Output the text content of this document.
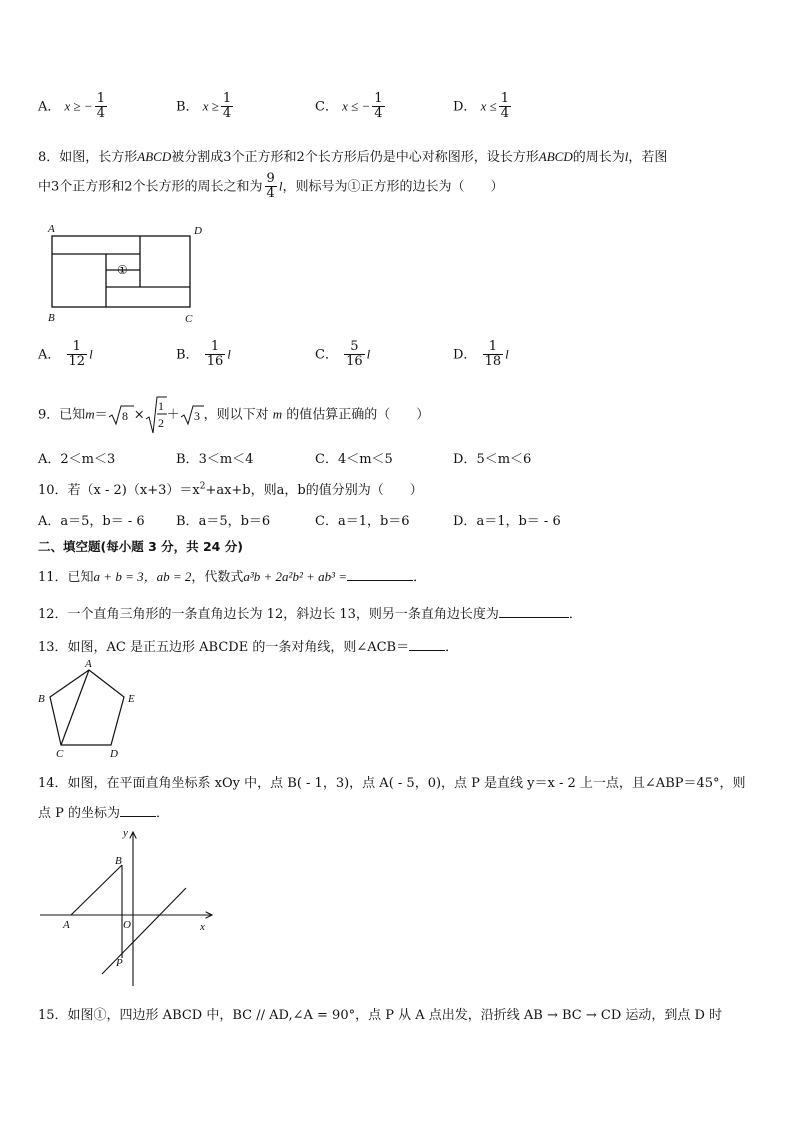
A． x ≥ − $\frac{1}{4}$	B． $x \ge \frac{1}{4}$	C． x ≤ − $\frac{1}{4}$	D． $x \le \frac{1}{4}$
8．如图，长方形ABCD被分割成3个正方形和2个长方形后仍是中心对称图形，设长方形ABCD的周长为l，若图
中3个正方形和2个长方形的周长之和为 $\frac{9}{4}$ l，则标号为①正方形的边长为（　　）
A	D
B	C
①
A． $\frac{1}{12}$ l	B． $\frac{1}{16}$ l	C． $\frac{5}{16}$ l	D． $\frac{1}{18}$ l
9．已知m＝ 8 ×
1
2
＋ 3 ，则以下对 m 的值估算正确的（　　）
A．2＜m＜3	B．3＜m＜4	C．4＜m＜5	D．5＜m＜6
10．若$(x - 2)(x+3)=x^2+ax+b$，则a，b的值分别为（　　）
A．a＝5，b＝ - 6 B．a＝5，b＝6	C．a＝1，b＝6	D．a＝1，b＝ - 6
二、填空题(每小题 3 分，共 24 分)
11．已知a + b = 3，ab = 2，代数式a³b + 2a²b² + ab³ =	．
12．一个直角三角形的一条直角边长为 12，斜边长 13，则另一条直角边长度为	．
13．如图，AC 是正五边形 ABCDE 的一条对角线，则∠ACB＝	．
A
B
C	D
E
14．如图，在平面直角坐标系 xOy 中，点 B( - 1，3)，点 A( - 5，0)，点 P 是直线 y＝x - 2 上一点，且∠ABP＝45°，则
点 P 的坐标为	．
y
x
O
A
B
P
15．如图①，四边形 ABCD 中，BC // AD,∠A = 90°，点 P 从 A 点出发，沿折线 AB → BC → CD 运动，到点 D 时
